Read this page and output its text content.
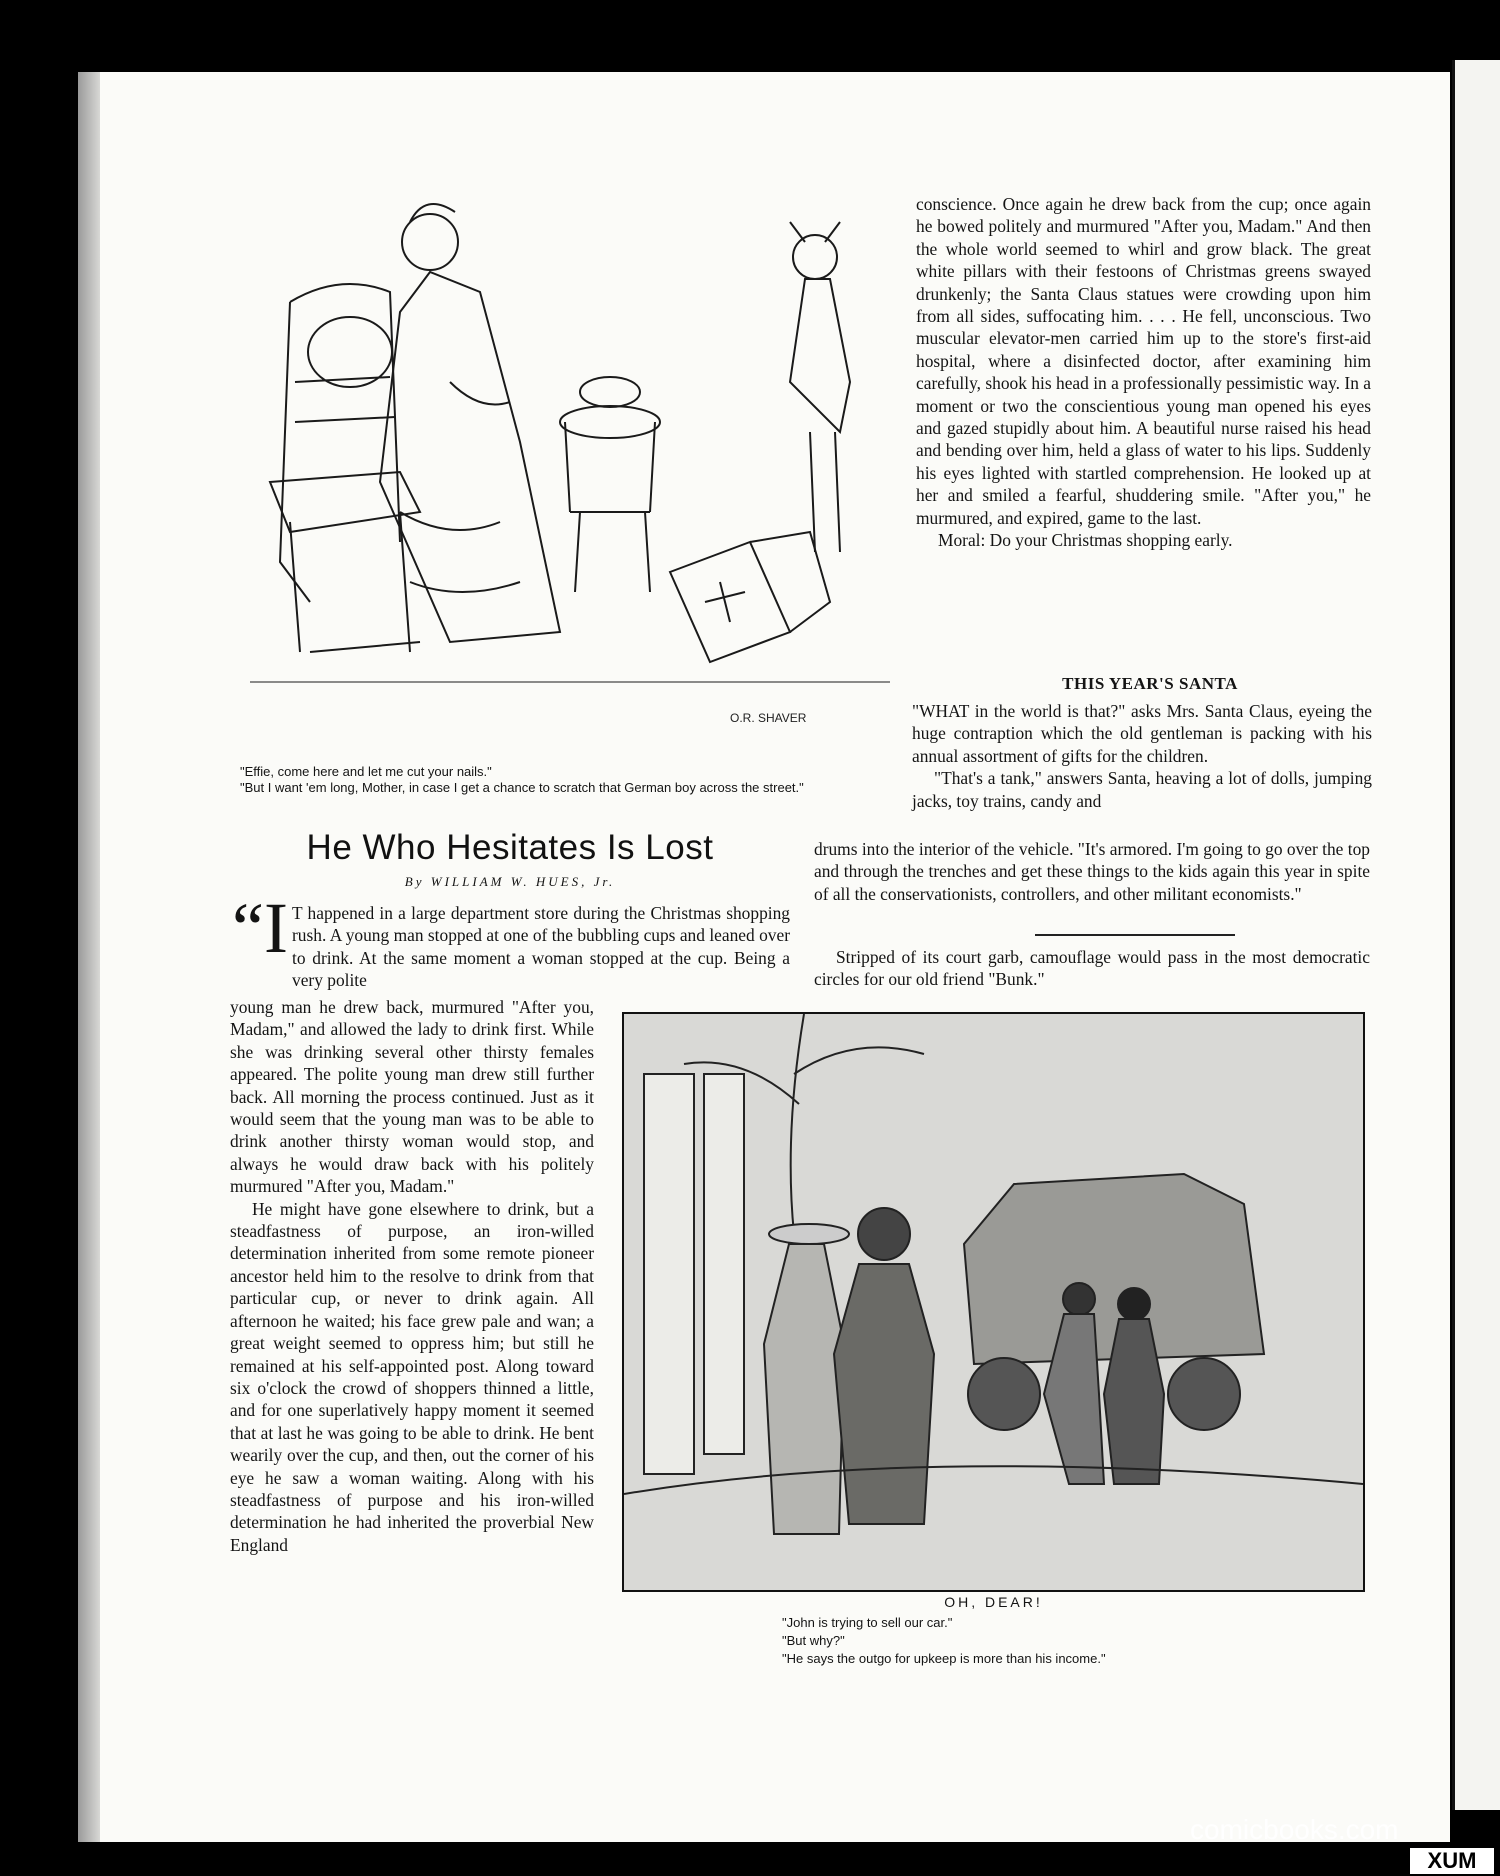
O.R. SHAVER
"Effie, come here and let me cut your nails."
"But I want 'em long, Mother, in case I get a chance to scratch that German boy across the street."

conscience. Once again he drew back from the cup; once again he bowed politely and murmured "After you, Madam." And then the whole world seemed to whirl and grow black. The great white pillars with their festoons of Christmas greens swayed drunkenly; the Santa Claus statues were crowding upon him from all sides, suffocating him. . . . He fell, unconscious. Two muscular elevator-men carried him up to the store's first-aid hospital, where a disinfected doctor, after examining him carefully, shook his head in a professionally pessimistic way. In a moment or two the conscientious young man opened his eyes and gazed stupidly about him. A beautiful nurse raised his head and bending over him, held a glass of water to his lips. Suddenly his eyes lighted with startled comprehension. He looked up at her and smiled a fearful, shuddering smile. "After you," he murmured, and expired, game to the last.

Moral: Do your Christmas shopping early.

THIS YEAR'S SANTA

"WHAT in the world is that?" asks Mrs. Santa Claus, eyeing the huge contraption which the old gentleman is packing with his annual assortment of gifts for the children.

"That's a tank," answers Santa, heaving a lot of dolls, jumping jacks, toy trains, candy and

drums into the interior of the vehicle. "It's armored. I'm going to go over the top and through the trenches and get these things to the kids again this year in spite of all the conservationists, controllers, and other militant economists."

Stripped of its court garb, camouflage would pass in the most democratic circles for our old friend "Bunk."

He Who Hesitates Is Lost
By WILLIAM W. HUES, Jr.
“I T happened in a large department store during the Christmas shopping rush. A young man stopped at one of the bubbling cups and leaned over to drink. At the same moment a woman stopped at the cup. Being a very polite

young man he drew back, murmured "After you, Madam," and allowed the lady to drink first. While she was drinking several other thirsty females appeared. The polite young man drew still further back. All morning the process continued. Just as it would seem that the young man was to be able to drink another thirsty woman would stop, and always he would draw back with his politely murmured "After you, Madam."

He might have gone elsewhere to drink, but a steadfastness of purpose, an iron-willed determination inherited from some remote pioneer ancestor held him to the resolve to drink from that particular cup, or never to drink again. All afternoon he waited; his face grew pale and wan; a great weight seemed to oppress him; but still he remained at his self-appointed post. Along toward six o'clock the crowd of shoppers thinned a little, and for one superlatively happy moment it seemed that at last he was going to be able to drink. He bent wearily over the cup, and then, out the corner of his eye he saw a woman waiting. Along with his steadfastness of purpose and his iron-willed determination he had inherited the proverbial New England

OH, DEAR!
"John is trying to sell our car."
"But why?"
"He says the outgo for upkeep is more than his income."
comicbooks.com
XUM
